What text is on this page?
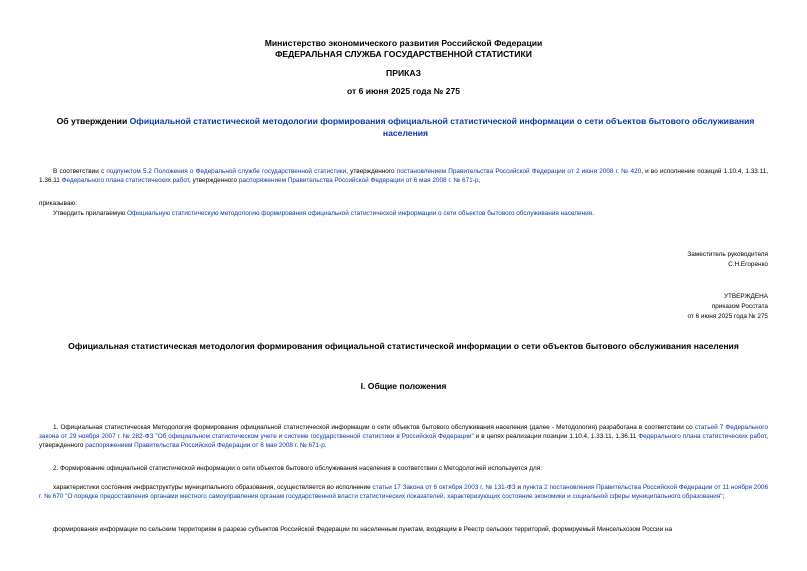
Министерство экономического развития Российской Федерации
ФЕДЕРАЛЬНАЯ СЛУЖБА ГОСУДАРСТВЕННОЙ СТАТИСТИКИ
ПРИКАЗ
от 6 июня 2025 года № 275
Об утверждении Официальной статистической методологии формирования официальной статистической информации о сети объектов бытового обслуживания населения
В соответствии с подпунктом 5.2 Положения о Федеральной службе государственной статистики, утвержденного постановлением Правительства Российской Федерации от 2 июня 2008 г. № 420, и во исполнение позиций 1.10.4, 1.33.11, 1.36.11 Федерального плана статистических работ, утвержденного распоряжением Правительства Российской Федерации от 6 мая 2008 г. № 671-р,
приказываю:
Утвердить прилагаемую Официальную статистическую методологию формирования официальной статистической информации о сети объектов бытового обслуживания населения.
Заместитель руководителя
С.Н.Егоренко
УТВЕРЖДЕНА
приказом Росстата
от 6 июня 2025 года № 275
Официальная статистическая методология формирования официальной статистической информации о сети объектов бытового обслуживания населения
I. Общие положения
1. Официальная статистическая Методология формирования официальной статистической информации о сети объектов бытового обслуживания населения (далее - Методология) разработана в соответствии со статьей 7 Федерального закона от 29 ноября 2007 г. № 282-ФЗ "Об официальном статистическом учете и системе государственной статистики в Российской Федерации" и в целях реализации позиции 1.10.4, 1.33.11, 1.36.11 Федерального плана статистических работ, утвержденного распоряжением Правительства Российской Федерации от 6 мая 2008 г. № 671-р.
2. Формирование официальной статистической информации о сети объектов бытового обслуживания населения в соответствии с Методологией используется для:
характеристики состояния инфраструктуры муниципального образования, осуществляется во исполнение статьи 17 Закона от 6 октября 2003 г. № 131-ФЗ и пункта 2 постановления Правительства Российской Федерации от 11 ноября 2006 г. № 670 "О порядке предоставления органами местного самоуправления органам государственной власти статистических показателей, характеризующих состояние экономики и социальной сферы муниципального образования";
формирования информации по сельским территориям в разрезе субъектов Российской Федерации по населенным пунктам, входящим в Реестр сельских территорий, формируемый Минсельхозом России на
